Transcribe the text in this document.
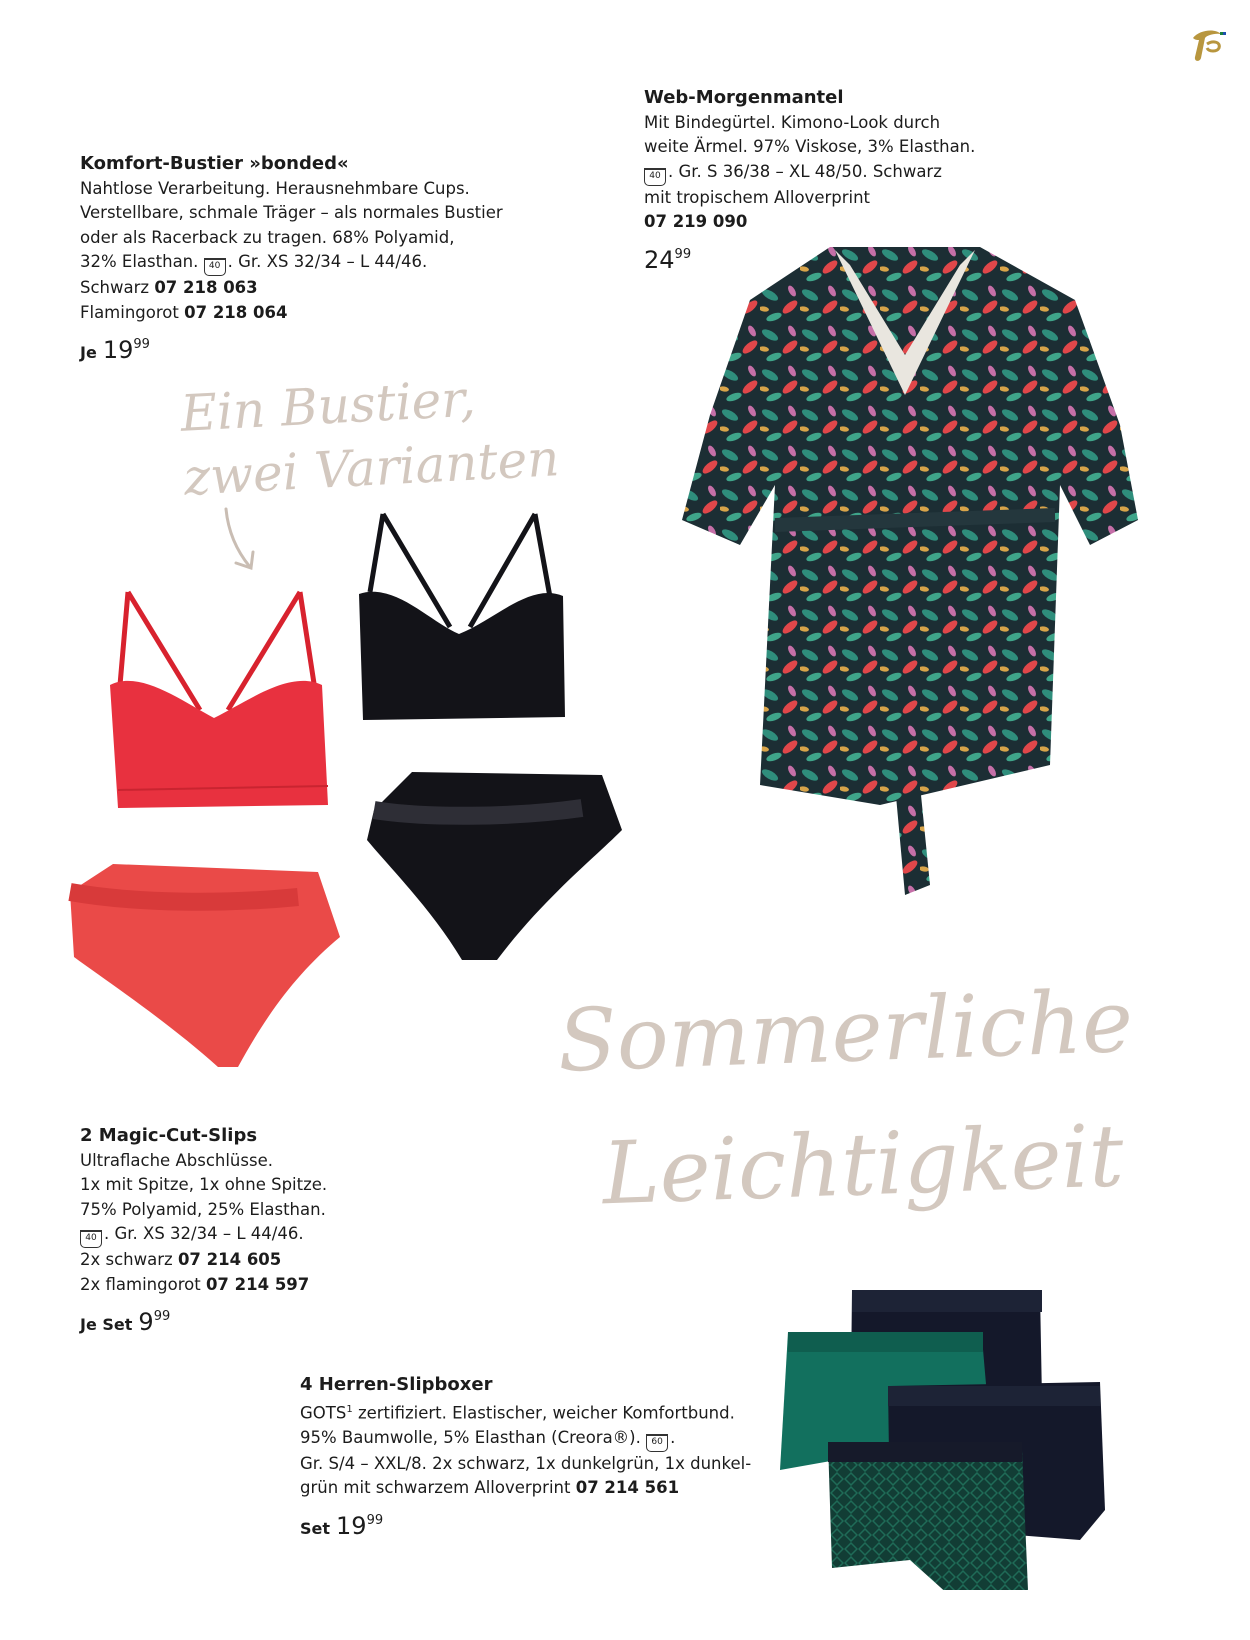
Komfort-Bustier »bonded«
Nahtlose Verarbeitung. Herausnehmbare Cups.
Verstellbare, schmale Träger – als normales Bustier
oder als Racerback zu tragen. 68% Polyamid,
32% Elasthan. 40 . Gr. XS 32/34 – L 44/46.
Schwarz 07 218 063
Flamingorot 07 218 064
Je $19^{99}$
Web-Morgenmantel
Mit Bindegürtel. Kimono-Look durch
weite Ärmel. 97% Viskose, 3% Elasthan.
40 . Gr. S 36/38 – XL 48/50. Schwarz
mit tropischem Alloverprint
07 219 090
$24^{99}$
Ein Bustier,
zwei Varianten
Sommerliche
Leichtigkeit
2 Magic-Cut-Slips
Ultraflache Abschlüsse.
1x mit Spitze, 1x ohne Spitze.
75% Polyamid, 25% Elasthan.
40 . Gr. XS 32/34 – L 44/46.
2x schwarz 07 214 605
2x flamingorot 07 214 597
Je Set $9^{99}$
4 Herren-Slipboxer
GOTS$^1$ zertifiziert. Elastischer, weicher Komfortbund.
95% Baumwolle, 5% Elasthan (Creora®). 60 .
Gr. S/4 – XXL/8. 2x schwarz, 1x dunkelgrün, 1x dunkel-
grün mit schwarzem Alloverprint 07 214 561
Set $19^{99}$
